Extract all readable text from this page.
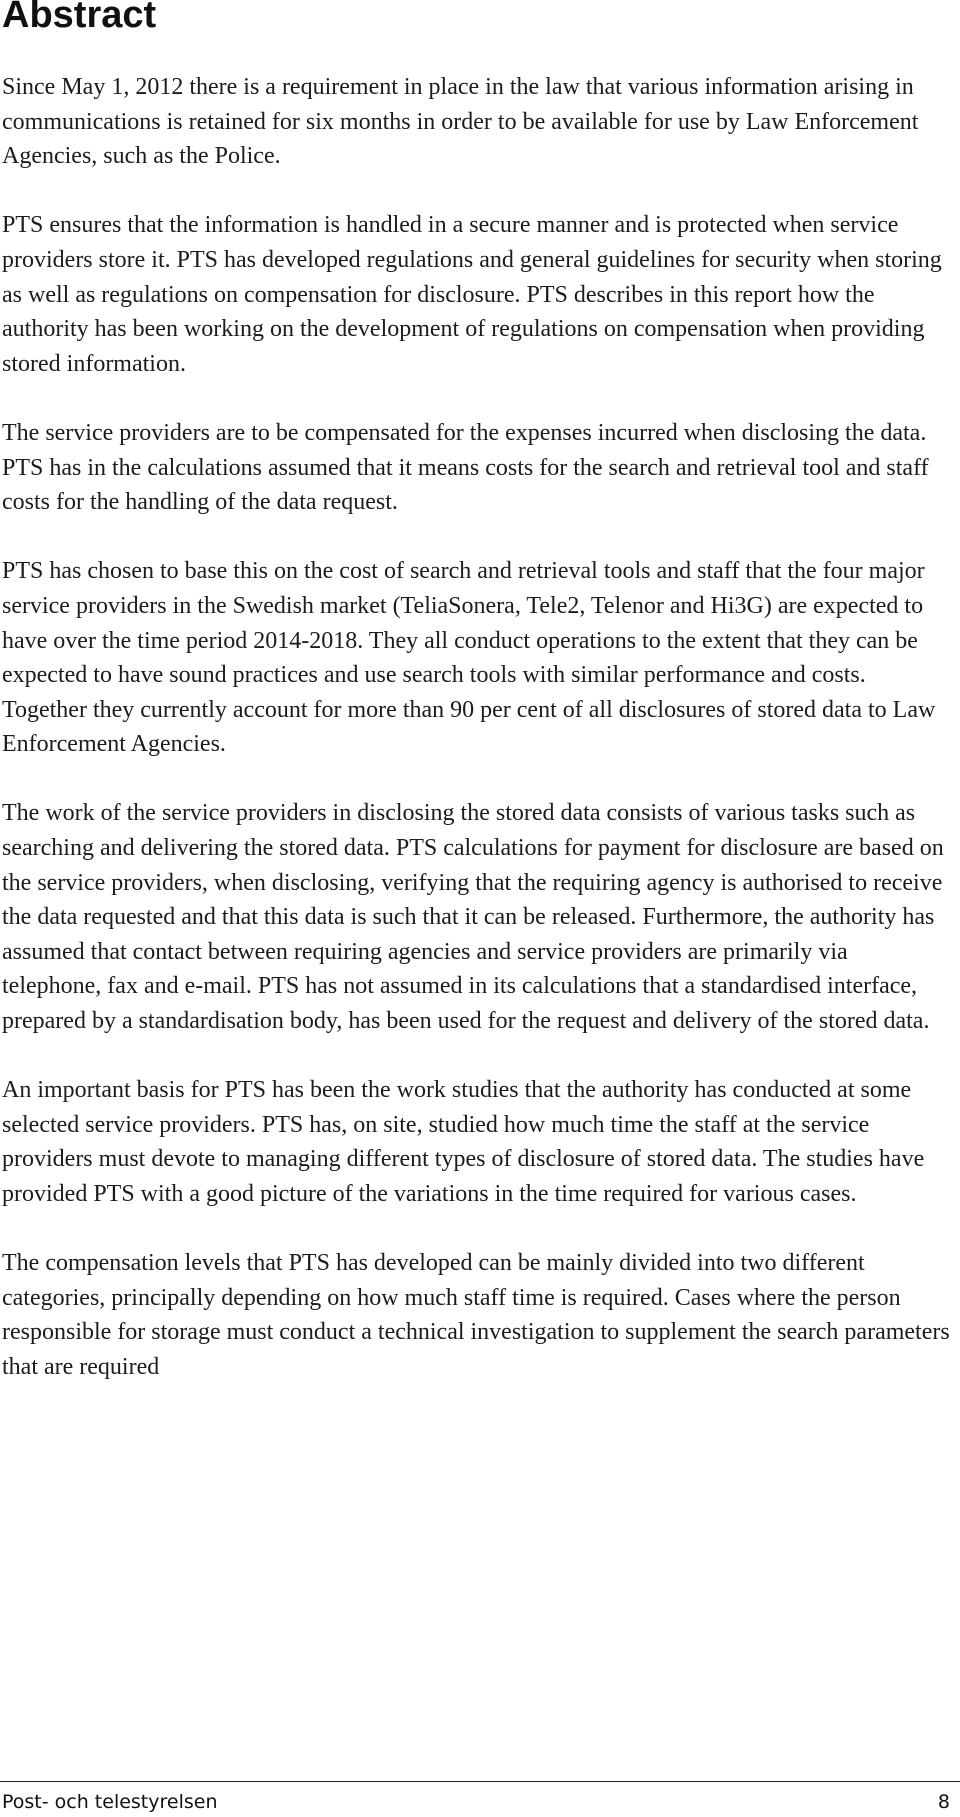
Abstract

Since May 1, 2012 there is a requirement in place in the law that various information arising in communications is retained for six months in order to be available for use by Law Enforcement Agencies, such as the Police.

PTS ensures that the information is handled in a secure manner and is protected when service providers store it. PTS has developed regulations and general guidelines for security when storing as well as regulations on compensation for disclosure. PTS describes in this report how the authority has been working on the development of regulations on compensation when providing stored information.

The service providers are to be compensated for the expenses incurred when disclosing the data. PTS has in the calculations assumed that it means costs for the search and retrieval tool and staff costs for the handling of the data request.

PTS has chosen to base this on the cost of search and retrieval tools and staff that the four major service providers in the Swedish market (TeliaSonera, Tele2, Telenor and Hi3G) are expected to have over the time period 2014-2018. They all conduct operations to the extent that they can be expected to have sound practices and use search tools with similar performance and costs. Together they currently account for more than 90 per cent of all disclosures of stored data to Law Enforcement Agencies.

The work of the service providers in disclosing the stored data consists of various tasks such as searching and delivering the stored data. PTS calculations for payment for disclosure are based on the service providers, when disclosing, verifying that the requiring agency is authorised to receive the data requested and that this data is such that it can be released. Furthermore, the authority has assumed that contact between requiring agencies and service providers are primarily via telephone, fax and e-mail. PTS has not assumed in its calculations that a standardised interface, prepared by a standardisation body, has been used for the request and delivery of the stored data.

An important basis for PTS has been the work studies that the authority has conducted at some selected service providers. PTS has, on site, studied how much time the staff at the service providers must devote to managing different types of disclosure of stored data. The studies have provided PTS with a good picture of the variations in the time required for various cases.

The compensation levels that PTS has developed can be mainly divided into two different categories, principally depending on how much staff time is required. Cases where the person responsible for storage must conduct a technical investigation to supplement the search parameters that are required

Post- och telestyrelsen	8
